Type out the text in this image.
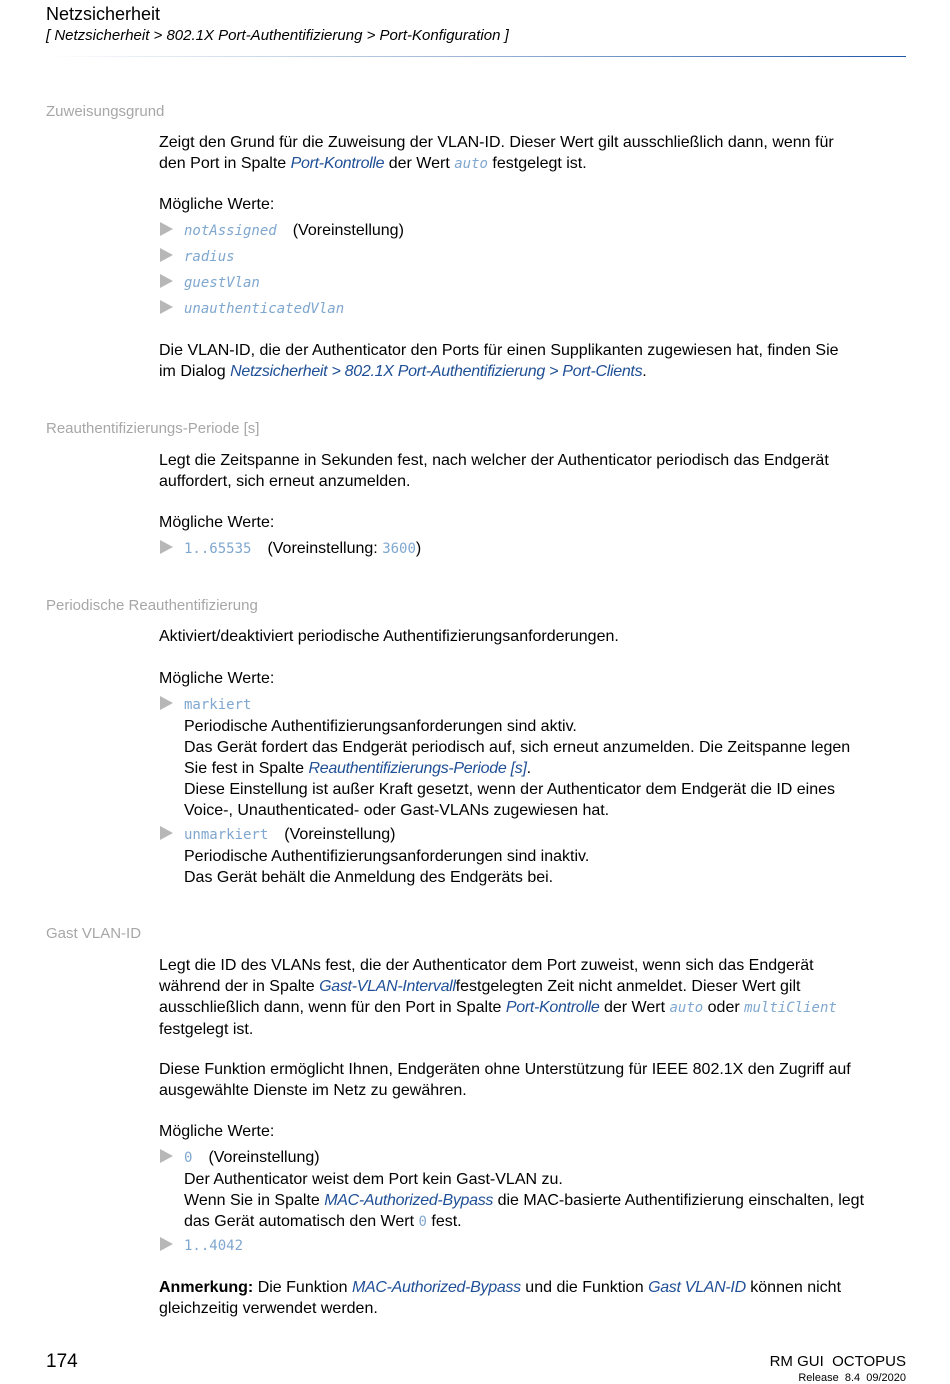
Netzsicherheit
[ Netzsicherheit > 802.1X Port-Authentifizierung > Port-Konfiguration ]
Zuweisungsgrund
Zeigt den Grund für die Zuweisung der VLAN-ID. Dieser Wert gilt ausschließlich dann, wenn für
den Port in Spalte Port-Kontrolle der Wert auto festgelegt ist.
Mögliche Werte:
notAssigned (Voreinstellung)
radius
guestVlan
unauthenticatedVlan
Die VLAN-ID, die der Authenticator den Ports für einen Supplikanten zugewiesen hat, finden Sie
im Dialog Netzsicherheit > 802.1X Port-Authentifizierung > Port-Clients.
Reauthentifizierungs-Periode [s]
Legt die Zeitspanne in Sekunden fest, nach welcher der Authenticator periodisch das Endgerät
auffordert, sich erneut anzumelden.
Mögliche Werte:
1..65535 (Voreinstellung: 3600)
Periodische Reauthentifizierung
Aktiviert/deaktiviert periodische Authentifizierungsanforderungen.
Mögliche Werte:
markiert
Periodische Authentifizierungsanforderungen sind aktiv.
Das Gerät fordert das Endgerät periodisch auf, sich erneut anzumelden. Die Zeitspanne legen
Sie fest in Spalte Reauthentifizierungs-Periode [s].
Diese Einstellung ist außer Kraft gesetzt, wenn der Authenticator dem Endgerät die ID eines
Voice-, Unauthenticated- oder Gast-VLANs zugewiesen hat.
unmarkiert (Voreinstellung)
Periodische Authentifizierungsanforderungen sind inaktiv.
Das Gerät behält die Anmeldung des Endgeräts bei.
Gast VLAN-ID
Legt die ID des VLANs fest, die der Authenticator dem Port zuweist, wenn sich das Endgerät
während der in Spalte Gast-VLAN-Intervallfestgelegten Zeit nicht anmeldet. Dieser Wert gilt
ausschließlich dann, wenn für den Port in Spalte Port-Kontrolle der Wert auto oder multiClient
festgelegt ist.
Diese Funktion ermöglicht Ihnen, Endgeräten ohne Unterstützung für IEEE 802.1X den Zugriff auf
ausgewählte Dienste im Netz zu gewähren.
Mögliche Werte:
0 (Voreinstellung)
Der Authenticator weist dem Port kein Gast-VLAN zu.
Wenn Sie in Spalte MAC-Authorized-Bypass die MAC-basierte Authentifizierung einschalten, legt
das Gerät automatisch den Wert 0 fest.
1..4042
Anmerkung: Die Funktion MAC-Authorized-Bypass und die Funktion Gast VLAN-ID können nicht
gleichzeitig verwendet werden.
174	RM GUI  OCTOPUS
Release  8.4  09/2020
